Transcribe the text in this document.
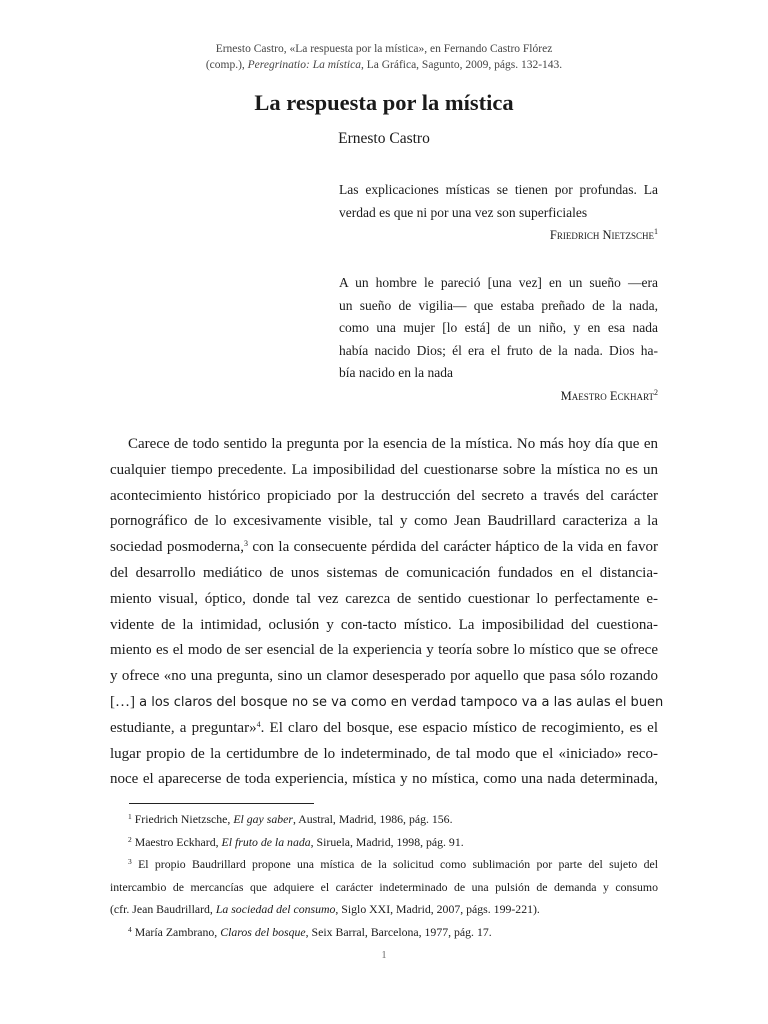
Ernesto Castro, «La respuesta por la mística», en Fernando Castro Flórez
(comp.), Peregrinatio: La mística, La Gráfica, Sagunto, 2009, págs. 132-143.
La respuesta por la mística
Ernesto Castro
Las explicaciones místicas se tienen por profundas. La
verdad es que ni por una vez son superficiales
Friedrich Nietzsche$^1$
A un hombre le pareció [una vez] en un sueño —era
un sueño de vigilia— que estaba preñado de la nada,
como una mujer [lo está] de un niño, y en esa nada
había nacido Dios; él era el fruto de la nada. Dios ha-
bía nacido en la nada
Maestro Eckhart$^2$
Carece de todo sentido la pregunta por la esencia de la mística. No más hoy día que en
cualquier tiempo precedente. La imposibilidad del cuestionarse sobre la mística no es un
acontecimiento histórico propiciado por la destrucción del secreto a través del carácter
pornográfico de lo excesivamente visible, tal y como Jean Baudrillard caracteriza a la
sociedad posmoderna,$^3$ con la consecuente pérdida del carácter háptico de la vida en favor
del desarrollo mediático de unos sistemas de comunicación fundados en el distancia-
miento visual, óptico, donde tal vez carezca de sentido cuestionar lo perfectamente e-
vidente de la intimidad, oclusión y con-tacto místico. La imposibilidad del cuestiona-
miento es el modo de ser esencial de la experiencia y teoría sobre lo místico que se ofrece
y ofrece «no una pregunta, sino un clamor desesperado por aquello que pasa sólo rozando
[…] a los claros del bosque no se va como en verdad tampoco va a las aulas el buen
estudiante, a preguntar»$^4$. El claro del bosque, ese espacio místico de recogimiento, es el
lugar propio de la certidumbre de lo indeterminado, de tal modo que el «iniciado» reco-
noce el aparecerse de toda experiencia, mística y no mística, como una nada determinada,
$^1$ Friedrich Nietzsche, El gay saber, Austral, Madrid, 1986, pág. 156.
$^2$ Maestro Eckhard, El fruto de la nada, Siruela, Madrid, 1998, pág. 91.
$^3$ El propio Baudrillard propone una mística de la solicitud como sublimación por parte del sujeto del
intercambio de mercancías que adquiere el carácter indeterminado de una pulsión de demanda y consumo
(cfr. Jean Baudrillard, La sociedad del consumo, Siglo XXI, Madrid, 2007, págs. 199-221).
$^4$ María Zambrano, Claros del bosque, Seix Barral, Barcelona, 1977, pág. 17.
1
